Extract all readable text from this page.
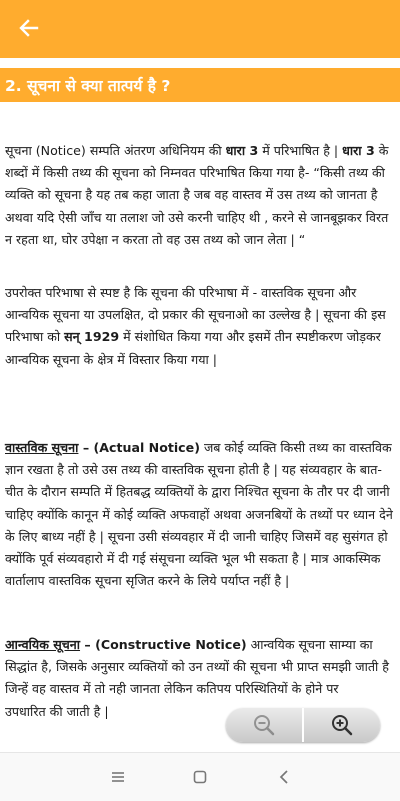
2. सूचना से क्या तात्पर्य है ?

सूचना (Notice) सम्पति अंतरण अधिनियम की धारा 3 में परिभाषित है | धारा 3 के शब्दों में किसी तथ्य की सूचना को निम्नवत परिभाषित किया गया है- “किसी तथ्य की व्यक्ति को सूचना है यह तब कहा जाता है जब वह वास्तव में उस तथ्य को जानता है अथवा यदि ऐसी जाँच या तलाश जो उसे करनी चाहिए थी , करने से जानबूझकर विरत न रहता था, घोर उपेक्षा न करता तो वह उस तथ्य को जान लेता | “

उपरोक्त परिभाषा से स्पष्ट है कि सूचना की परिभाषा में - वास्तविक सूचना और आन्वयिक सूचना या उपलक्षित, दो प्रकार की सूचनाओ का उल्लेख है | सूचना की इस परिभाषा को सन् 1929 में संशोधित किया गया और इसमें तीन स्पष्टीकरण जोड़कर आन्वयिक सूचना के क्षेत्र में विस्तार किया गया |

वास्तविक सूचना – (Actual Notice) जब कोई व्यक्ति किसी तथ्य का वास्तविक ज्ञान रखता है तो उसे उस तथ्य की वास्तविक सूचना होती है | यह संव्यवहार के बात-चीत के दौरान सम्पति में हितबद्ध व्यक्तियों के द्वारा निश्चित सूचना के तौर पर दी जानी चाहिए क्योंकि कानून में कोई व्यक्ति अफवाहों अथवा अजनबियों के तथ्यों पर ध्यान देने के लिए बाध्य नहीं है | सूचना उसी संव्यवहार में दी जानी चाहिए जिसमें वह सुसंगत हो क्योंकि पूर्व संव्यवहारो में दी गई संसूचना व्यक्ति भूल भी सकता है | मात्र आकस्मिक वार्तालाप वास्तविक सूचना सृजित करने के लिये पर्याप्त नहीं है |

आन्वयिक सूचना – (Constructive Notice) आन्वयिक सूचना साम्या का सिद्धांत है, जिसके अनुसार व्यक्तियों को उन तथ्यों की सूचना भी प्राप्त समझी जाती है जिन्हें वह वास्तव में तो नही जानता लेकिन कतिपय परिस्थितियों के होने पर
उपधारित की जाती है |
